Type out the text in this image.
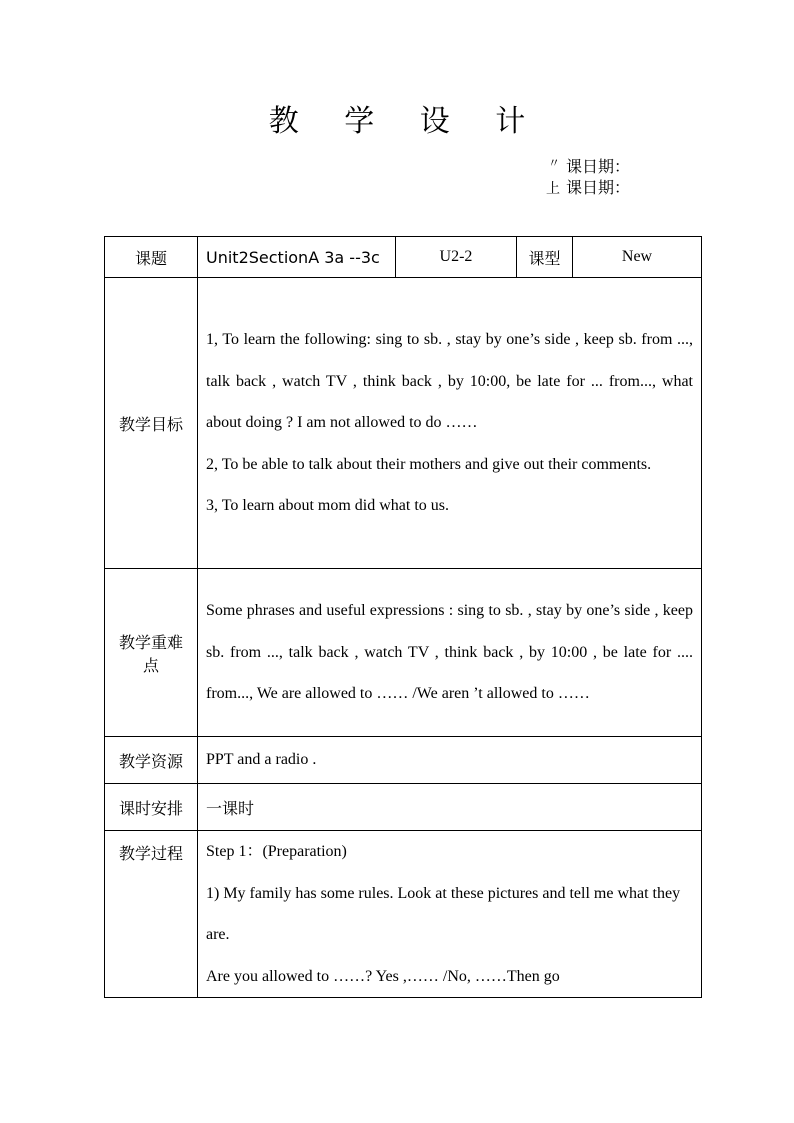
教 学 设 计
〃 课日期：
上 课日期：
课题	Unit2SectionA 3a --3c	U2-2	课型	New
教学目标	1, To learn the following: sing to sb. , stay by one’s side , keep sb. from ..., talk back , watch TV , think back , by 10:00, be late for ... from..., what about doing ? I am not allowed to do ……

2, To be able to talk about their mothers and give out their comments.

3, To learn about mom did what to us.			

教学重难点	Some phrases and useful expressions : sing to sb. , stay by one’s side , keep sb. from ..., talk back , watch TV , think back , by 10:00 , be late for .... from..., We are allowed to …… /We aren ’t allowed to ……			

教学资源	PPT and a radio .			
课时安排	一课时			
教学过程	Step 1：(Preparation)

1) My family has some rules. Look at these pictures and tell me what they are.

Are you allowed to ……? Yes ,…… /No, ……Then go			
